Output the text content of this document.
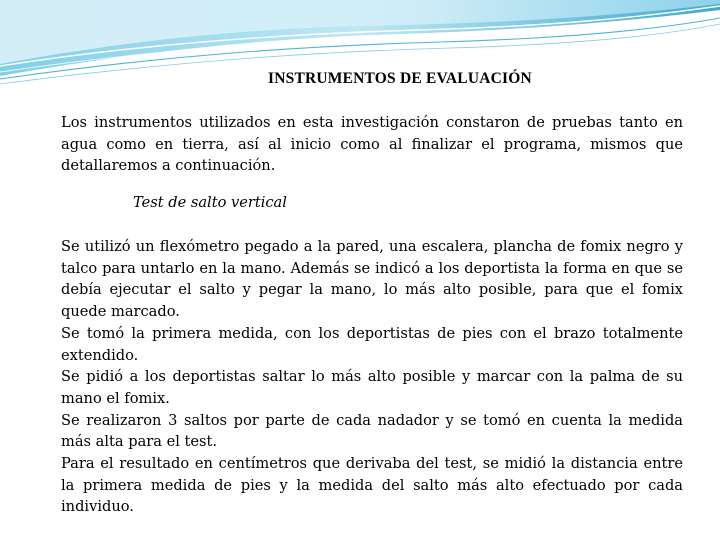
INSTRUMENTOS DE EVALUACIÓN

Los instrumentos utilizados en esta investigación constaron de pruebas tanto en agua como en tierra, así al inicio como al finalizar el programa, mismos que detallaremos a continuación.

Test de salto vertical
Se utilizó un flexómetro pegado a la pared, una escalera, plancha de fomix negro y talco para untarlo en la mano. Además se indicó a los deportista la forma en que se debía ejecutar el salto y pegar la mano, lo más alto posible, para que el fomix quede marcado.
Se tomó la primera medida, con los deportistas de pies con el brazo totalmente extendido.
Se pidió a los deportistas saltar lo más alto posible y marcar con la palma de su mano el fomix.
Se realizaron 3 saltos por parte de cada nadador y se tomó en cuenta la medida más alta para el test.
Para el resultado en centímetros que derivaba del test, se midió la distancia entre la primera medida de pies y la medida del salto más alto efectuado por cada individuo.
